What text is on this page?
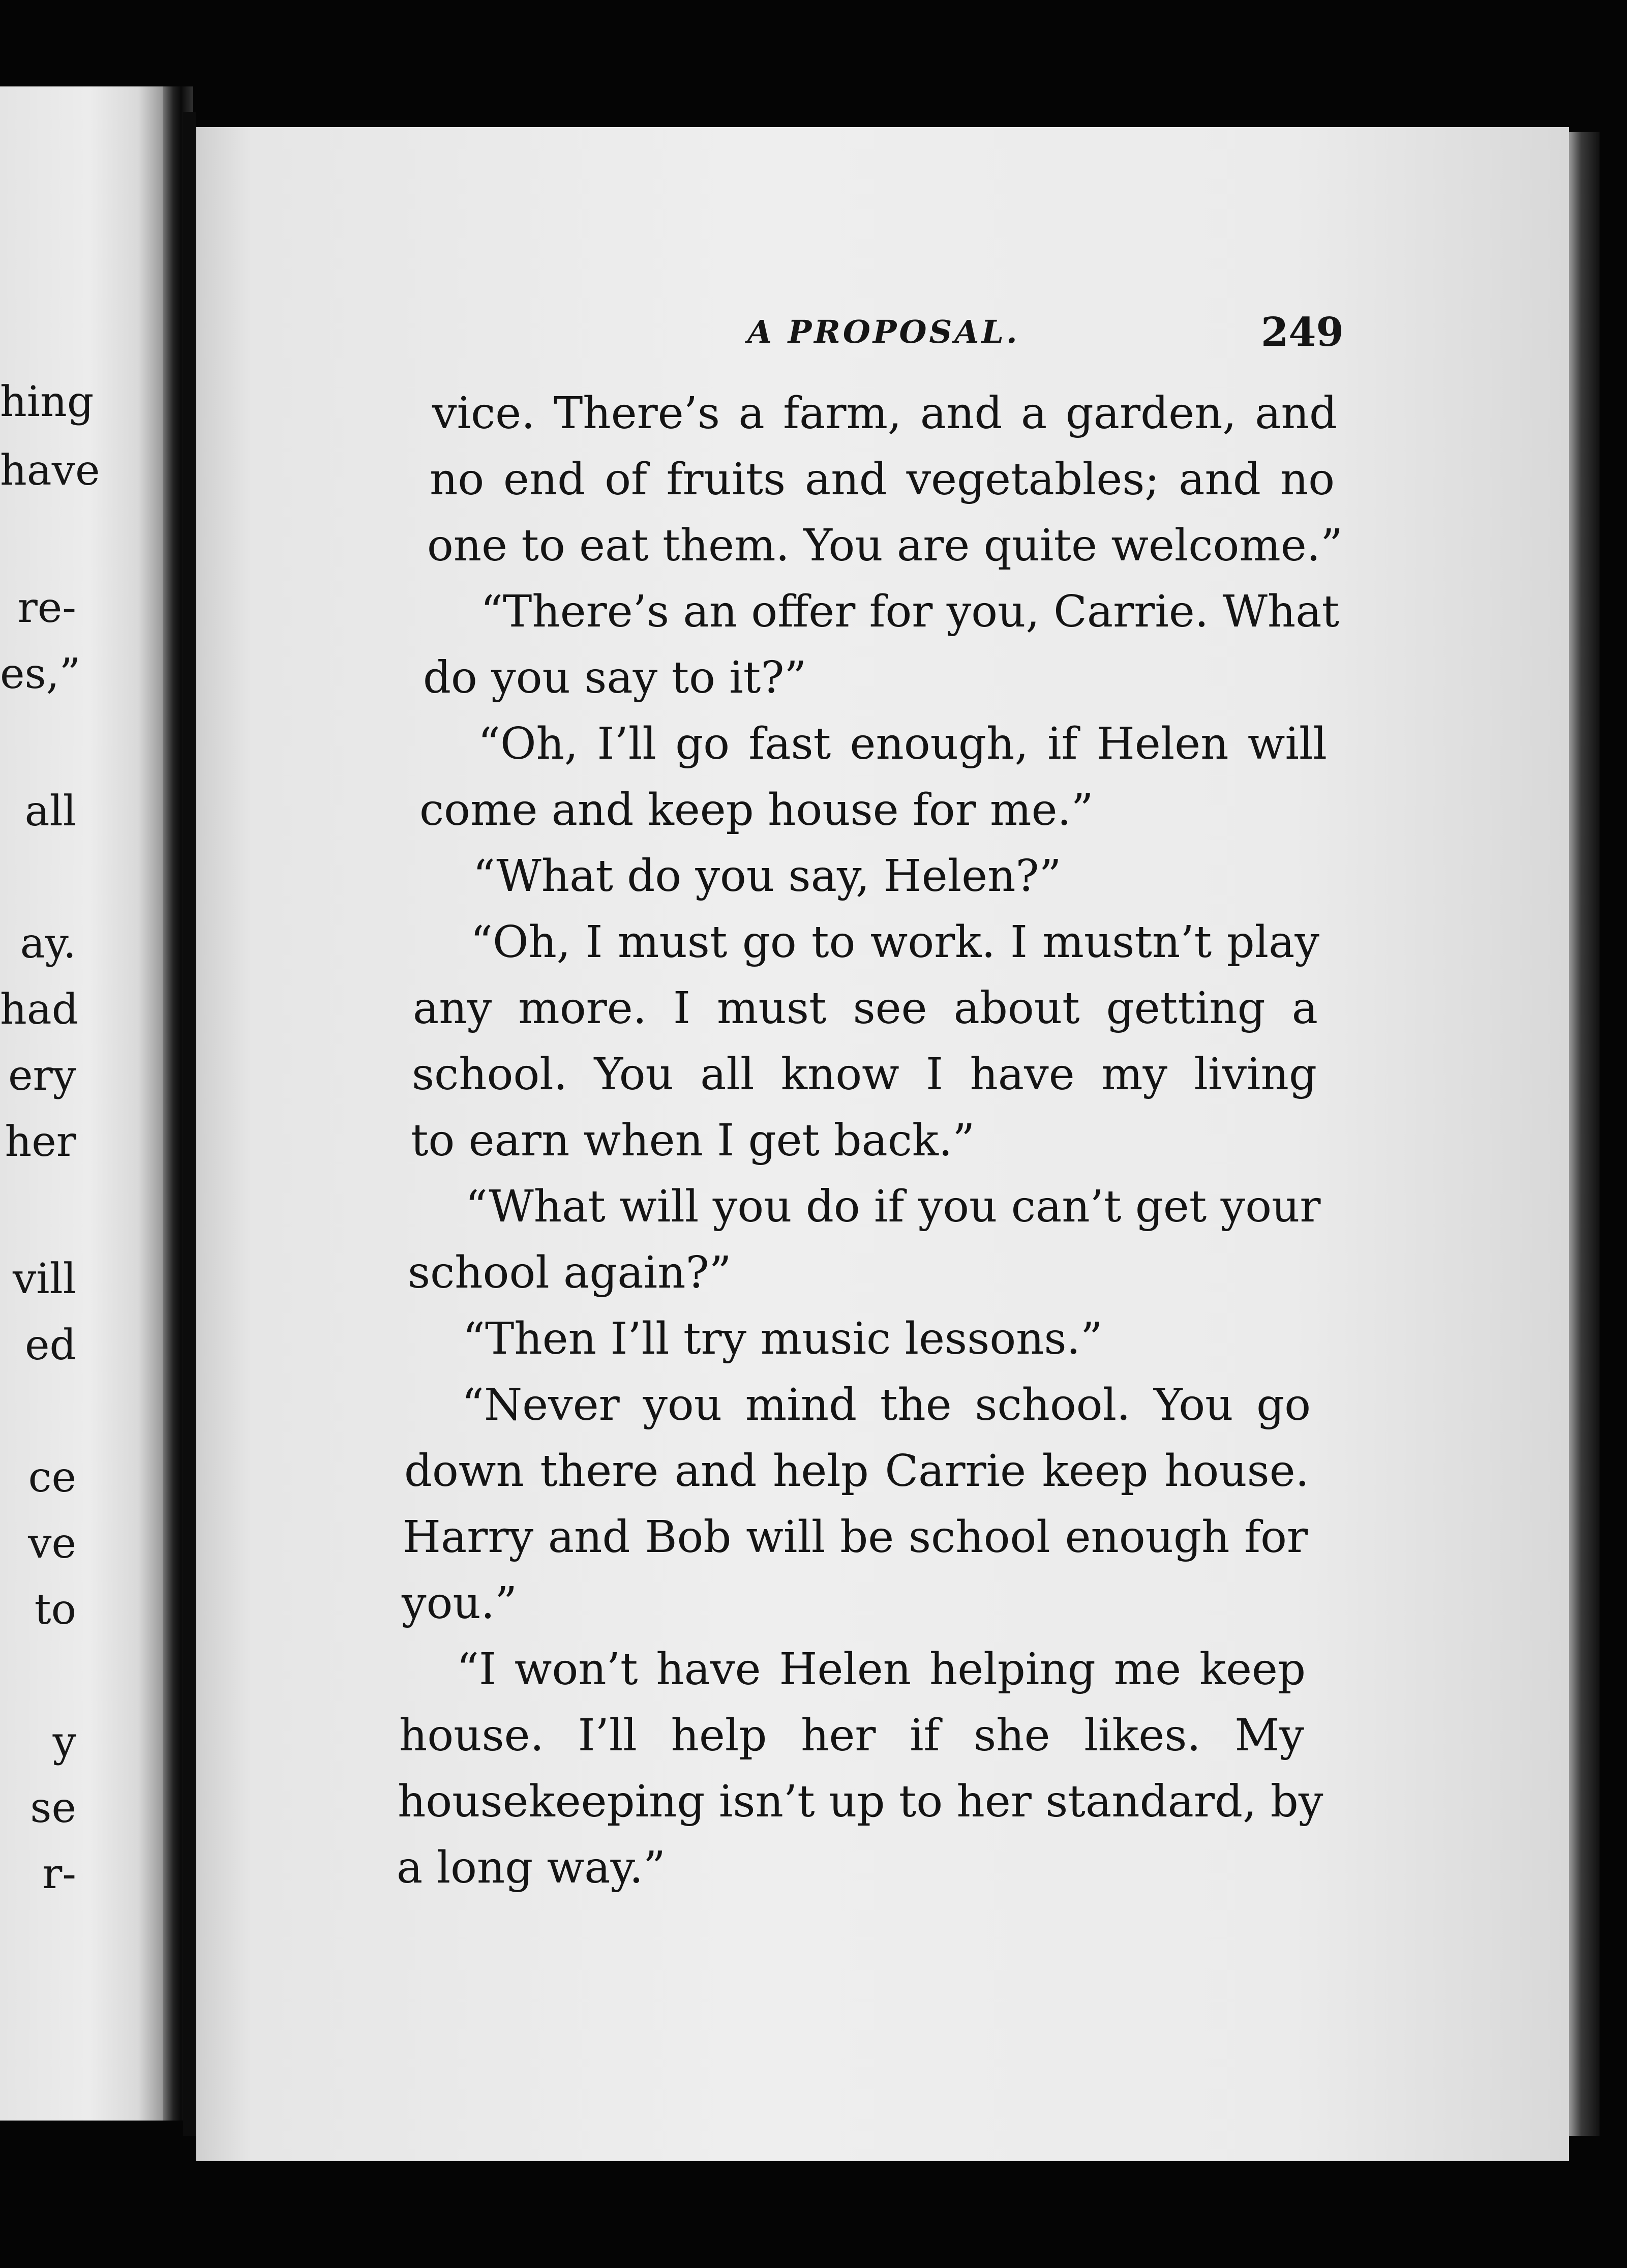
hing
have
re-
es,”
all
ay.
had
ery
her
vill
ed
ce
ve
to
y
se
r-
A PROPOSAL.	249
vice. There’s a farm, and a garden, and
no end of fruits and vegetables; and no
one to eat them. You are quite welcome.”
“There’s an offer for you, Carrie. What
do you say to it?”
“Oh, I’ll go fast enough, if Helen will
come and keep house for me.”
“What do you say, Helen?”
“Oh, I must go to work. I mustn’t play
any more. I must see about getting a
school. You all know I have my living
to earn when I get back.”
“What will you do if you can’t get your
school again?”
“Then I’ll try music lessons.”
“Never you mind the school. You go
down there and help Carrie keep house.
Harry and Bob will be school enough for
you.”
“I won’t have Helen helping me keep
house. I’ll help her if she likes. My
housekeeping isn’t up to her standard, by
a long way.”
